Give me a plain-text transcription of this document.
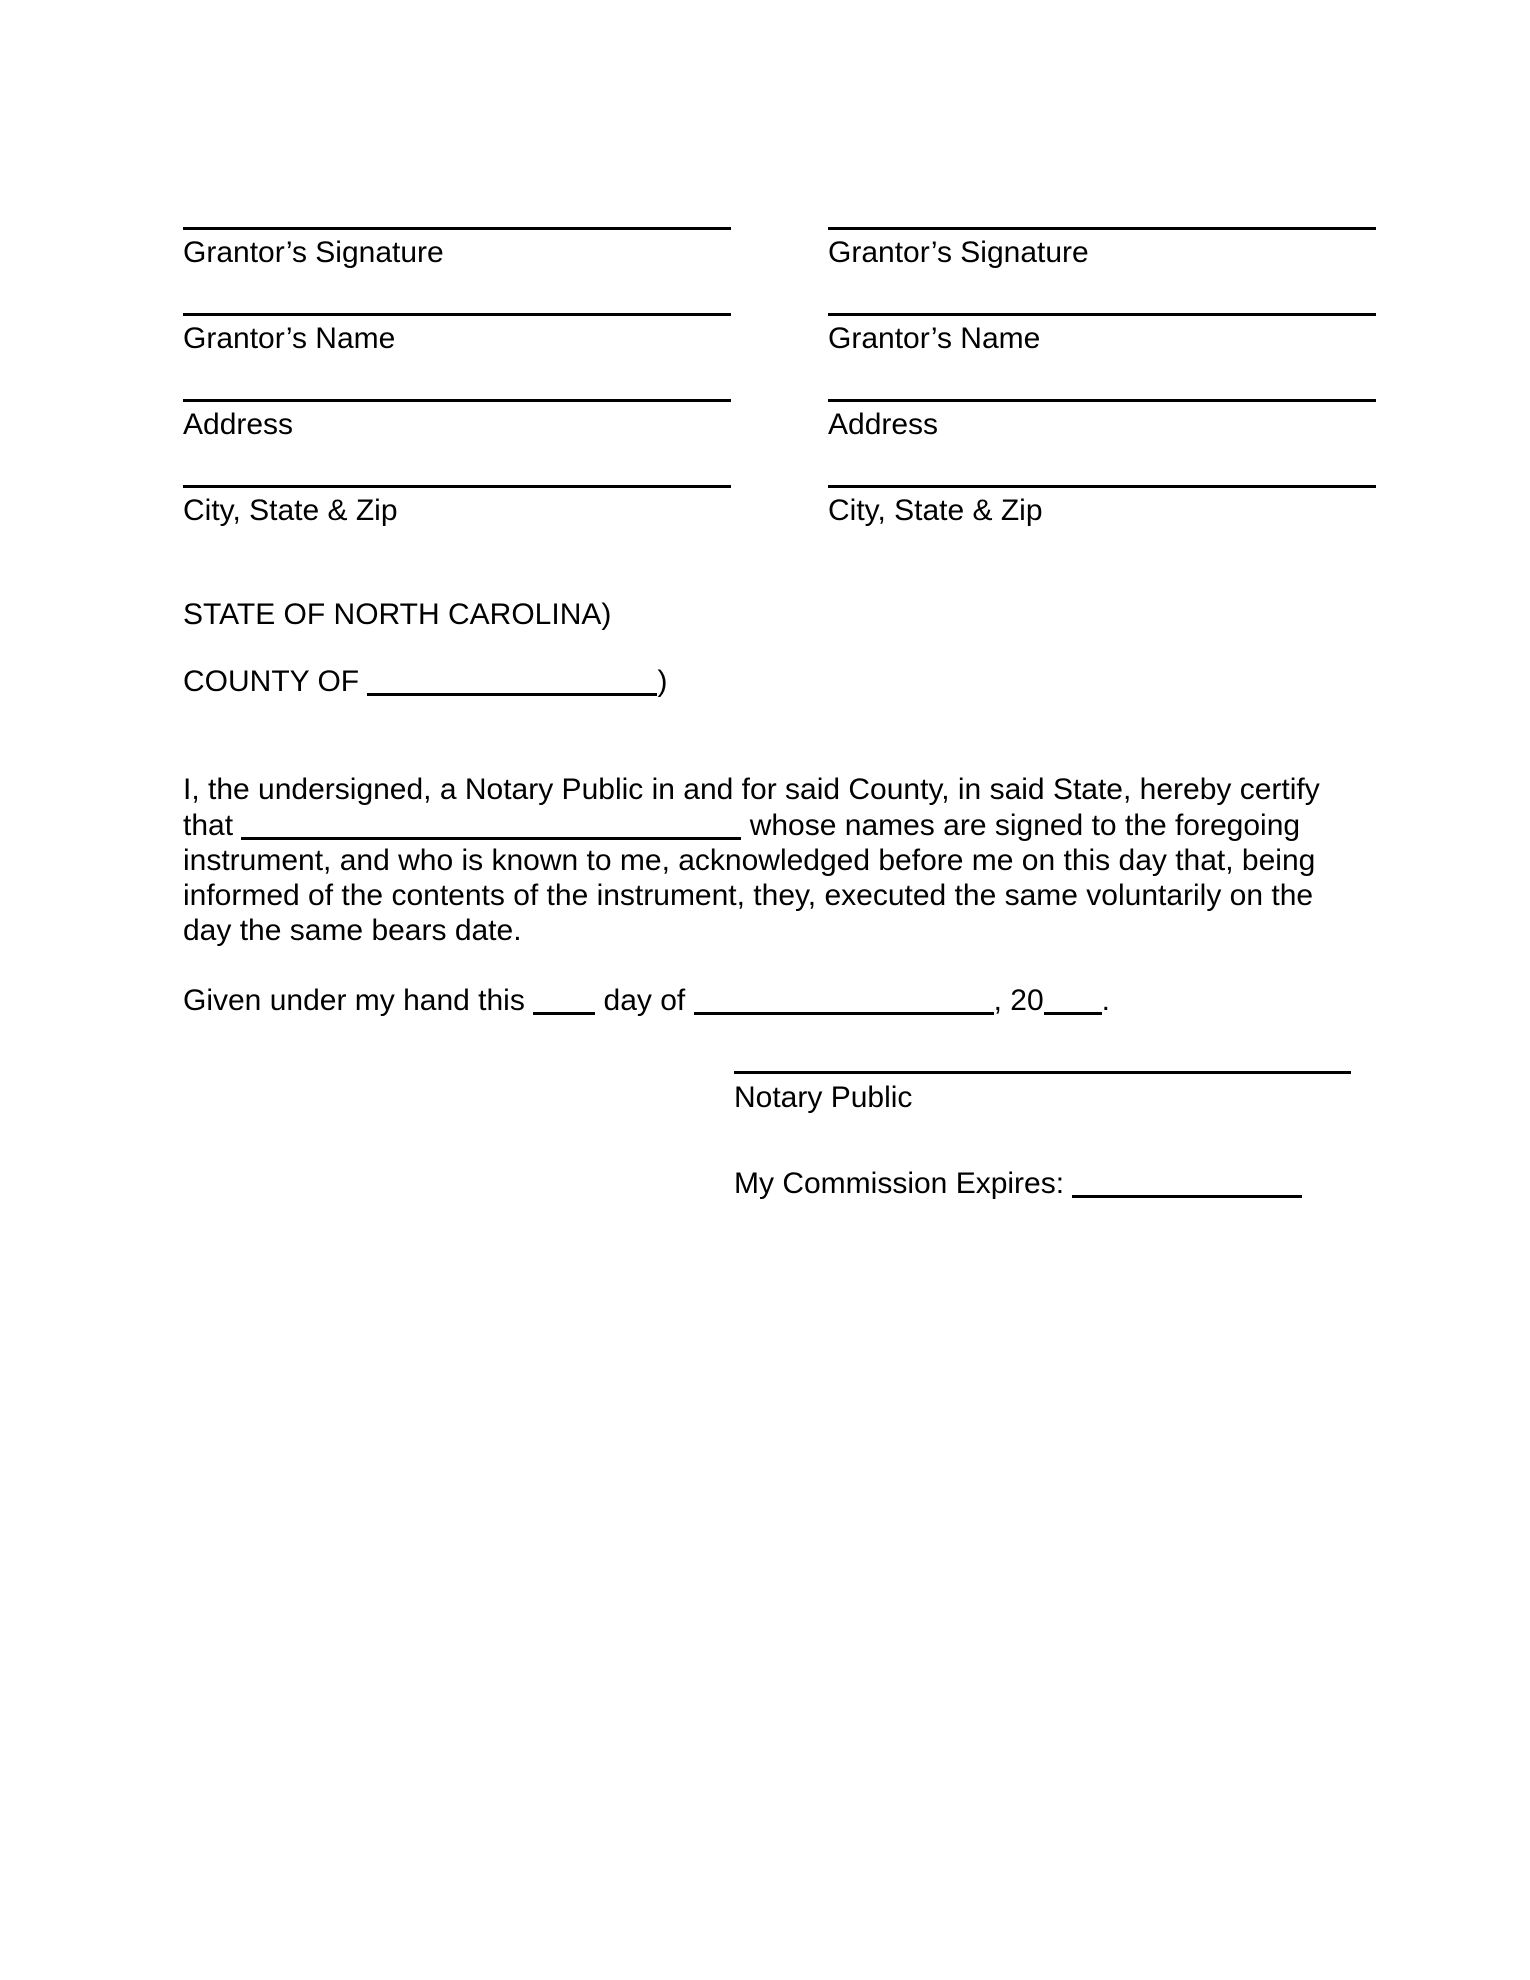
Grantor’s Signature
Grantor’s Name
Address
City, State & Zip
Grantor’s Signature
Grantor’s Name
Address
City, State & Zip
STATE OF NORTH CAROLINA)
COUNTY OF	)
I, the undersigned, a Notary Public in and for said County, in said State, hereby certify
that	whose names are signed to the foregoing
instrument, and who is known to me, acknowledged before me on this day that, being
informed of the contents of the instrument, they, executed the same voluntarily on the
day the same bears date.
Given under my hand this  day of	, 20 .
Notary Public
My Commission Expires:
